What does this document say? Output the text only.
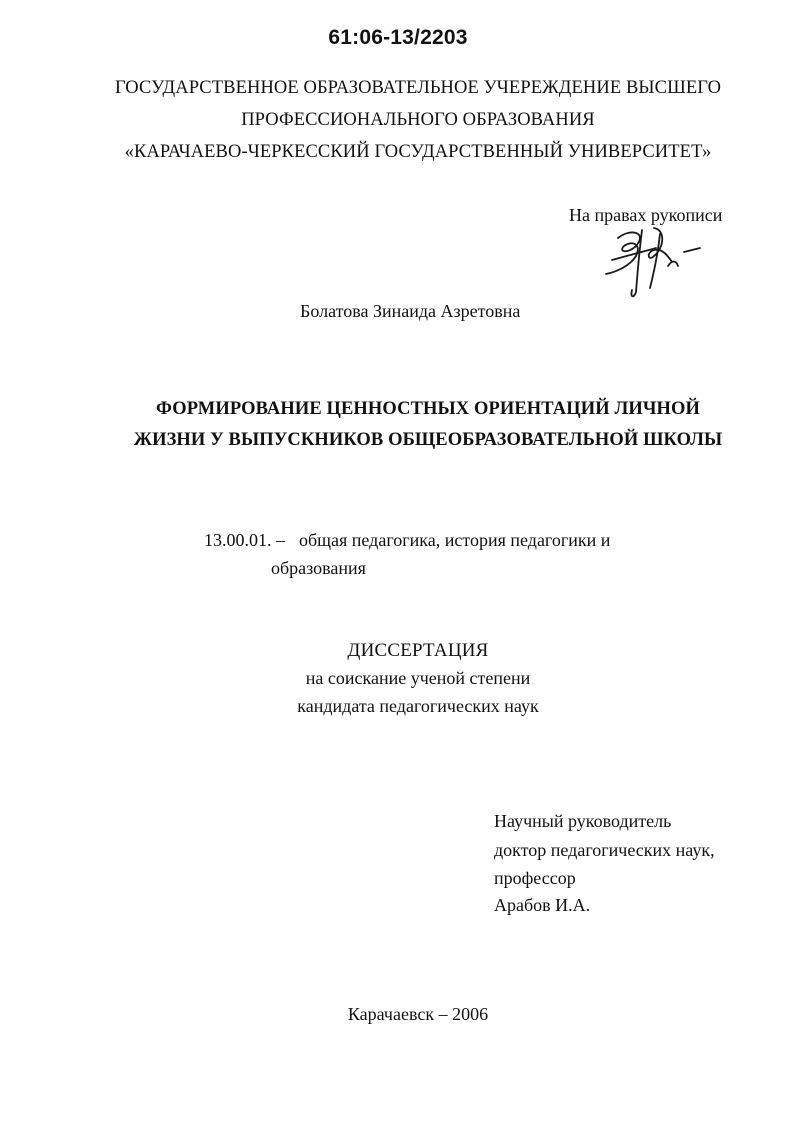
61:06-13/2203
ГОСУДАРСТВЕННОЕ ОБРАЗОВАТЕЛЬНОЕ УЧЕРЕЖДЕНИЕ ВЫСШЕГО
ПРОФЕССИОНАЛЬНОГО ОБРАЗОВАНИЯ
«КАРАЧАЕВО-ЧЕРКЕССКИЙ ГОСУДАРСТВЕННЫЙ УНИВЕРСИТЕТ»
На правах рукописи
Болатова Зинаида Азретовна
ФОРМИРОВАНИЕ ЦЕННОСТНЫХ ОРИЕНТАЦИЙ ЛИЧНОЙ
ЖИЗНИ У ВЫПУСКНИКОВ ОБЩЕОБРАЗОВАТЕЛЬНОЙ ШКОЛЫ
13.00.01. – общая педагогика, история педагогики и
образования
ДИССЕРТАЦИЯ
на соискание ученой степени
кандидата педагогических наук
Научный руководитель
доктор педагогических наук,
профессор
Арабов И.А.
Карачаевск – 2006
